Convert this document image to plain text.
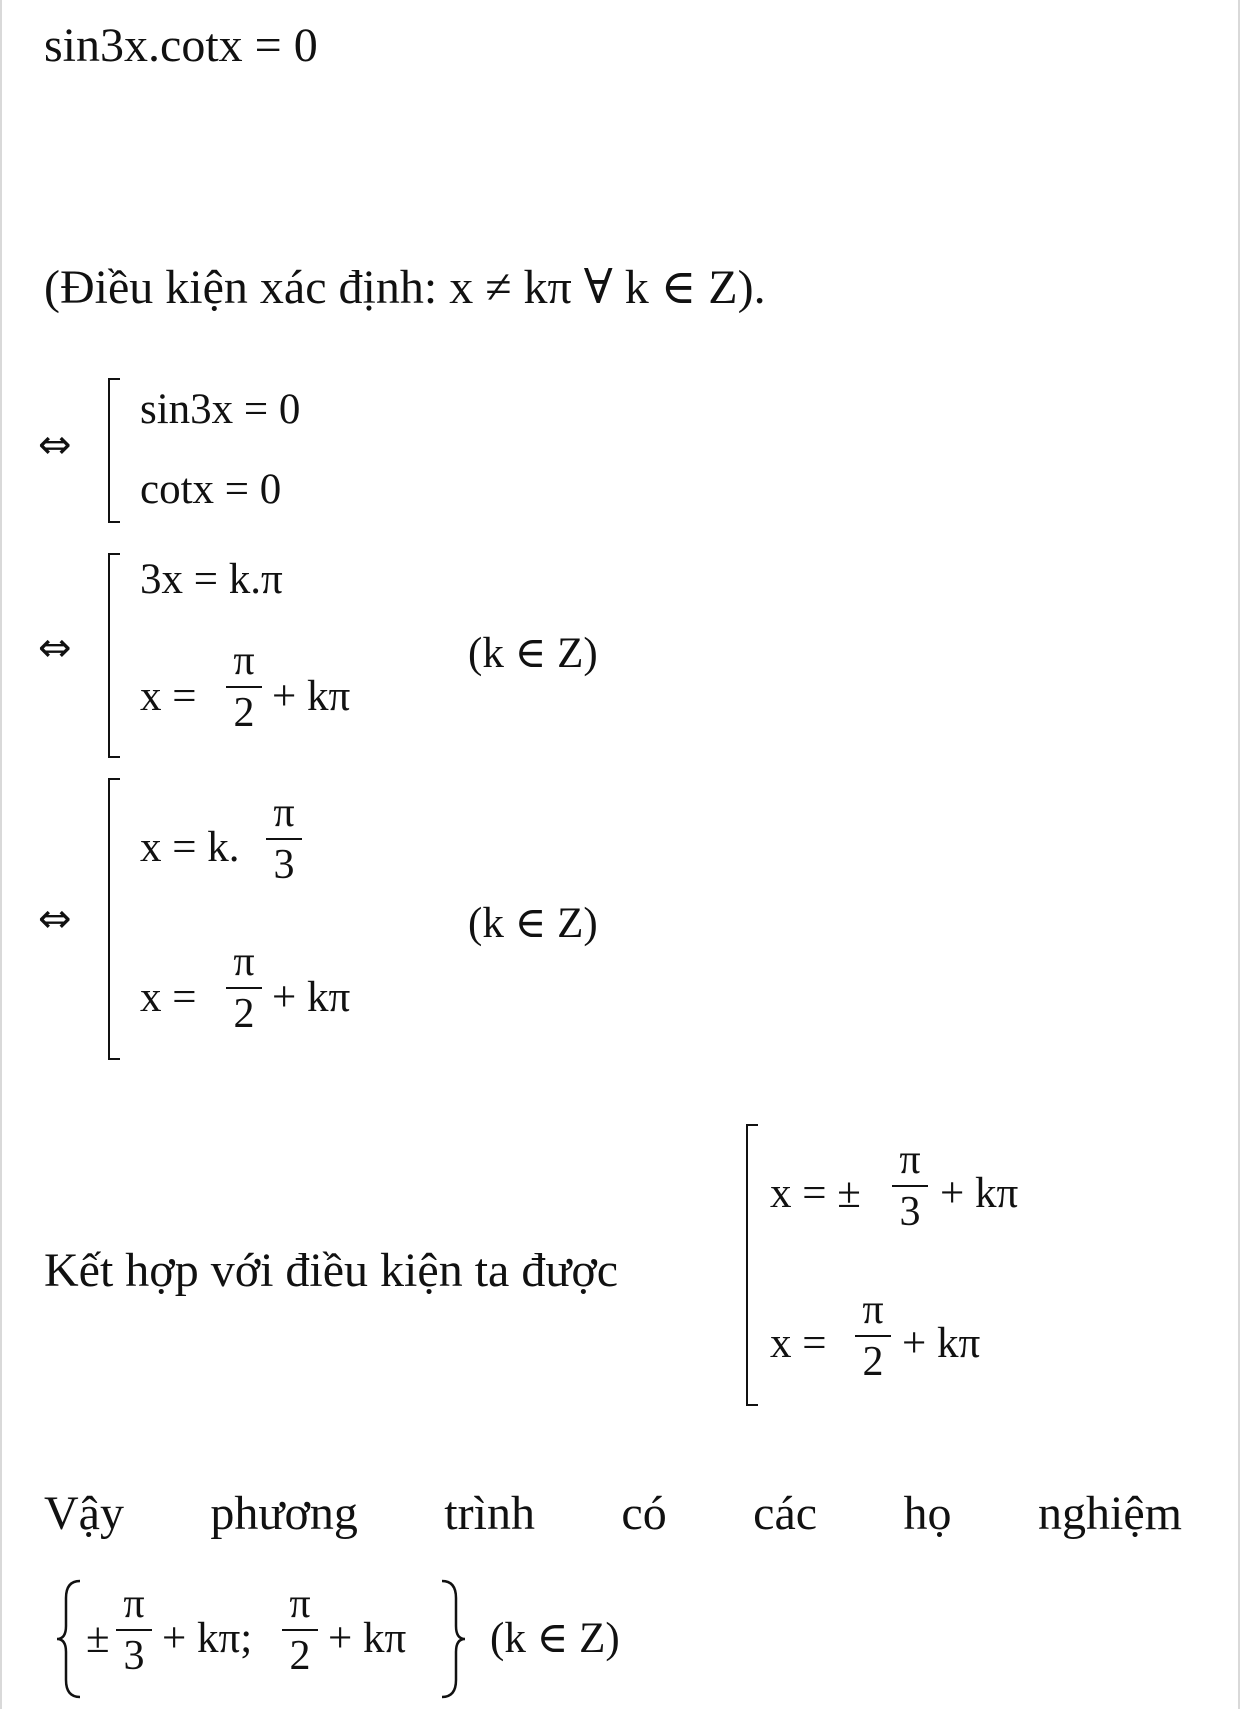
sin3x.cotx = 0
(Điều kiện xác định: x ≠ kπ ∀ k ∈ Z).
⇔
sin3x = 0
cotx = 0
⇔
3x = k.π
x =
π
2 + kπ
(k ∈ Z)
⇔
x = k.
π
3
x =
π
2 + kπ
(k ∈ Z)
Kết hợp với điều kiện ta được
x = ±
π
3 + kπ
x =
π
2 + kπ
Vậy phương trình có các họ nghiệm
±
π
3 + kπ;
π
2 + kπ (k ∈ Z)
